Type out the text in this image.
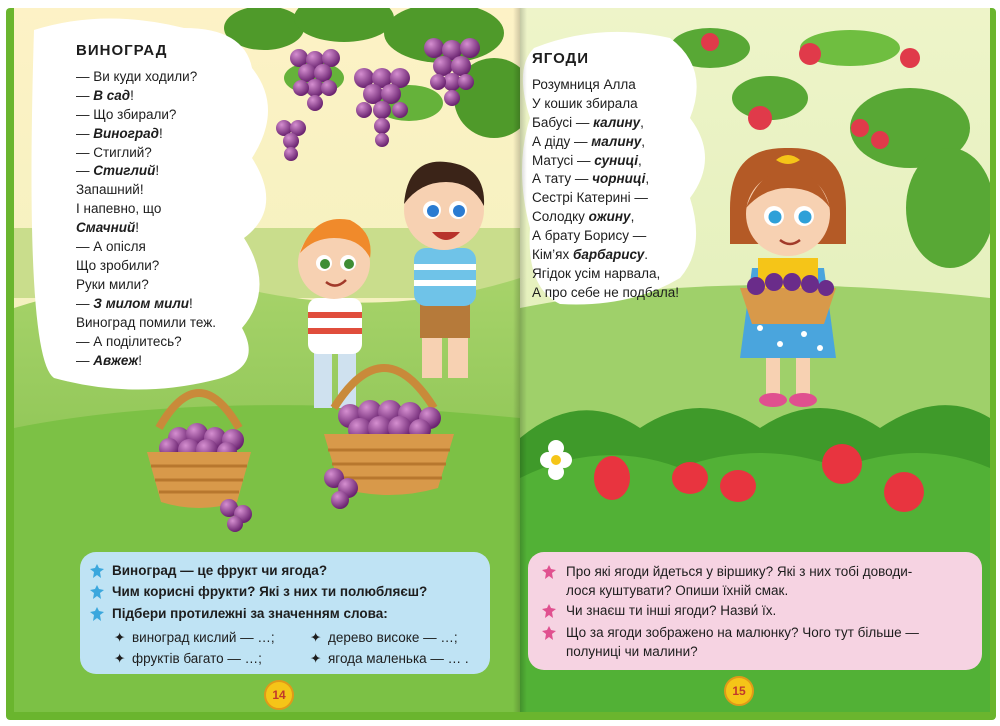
ВИНОГРАД
— Ви куди ходили?
— В сад!
— Що збирали?
— Виноград!
— Стиглий?
— Стиглий!
Запашний!
І напевно, що
Смачний!
— А опісля
Що зробили?
Руки мили?
— З милом мили!
Виноград помили теж.
— А поділитесь?
— Авжеж!
ЯГОДИ
Розумниця Алла
У кошик збирала
Бабусі — калину,
А діду — малину,
Матусі — суниці,
А тату — чорниці,
Сестрі Катерині —
Солодку ожину,
А брату Борису —
Кім’ях барбарису.
Ягідок усім нарвала,
А про себе не подбала!
Виноград — це фрукт чи ягода?
Чим корисні фрукти? Які з них ти полюбляєш?
Підбери протилежні за значенням слова:
✦ виноград кислий — …;	✦ дерево високе — …;
✦ фруктів багато — …;	✦ ягода маленька — … .
Про які ягоди йдеться у віршику? Які з них тобі доводи-
лося куштувати? Опиши їхній смак.
Чи знаєш ти інші ягоди? Назви́ їх.
Що за ягоди зображено на малюнку? Чого тут більше —
полуниці чи малини?
14	15
